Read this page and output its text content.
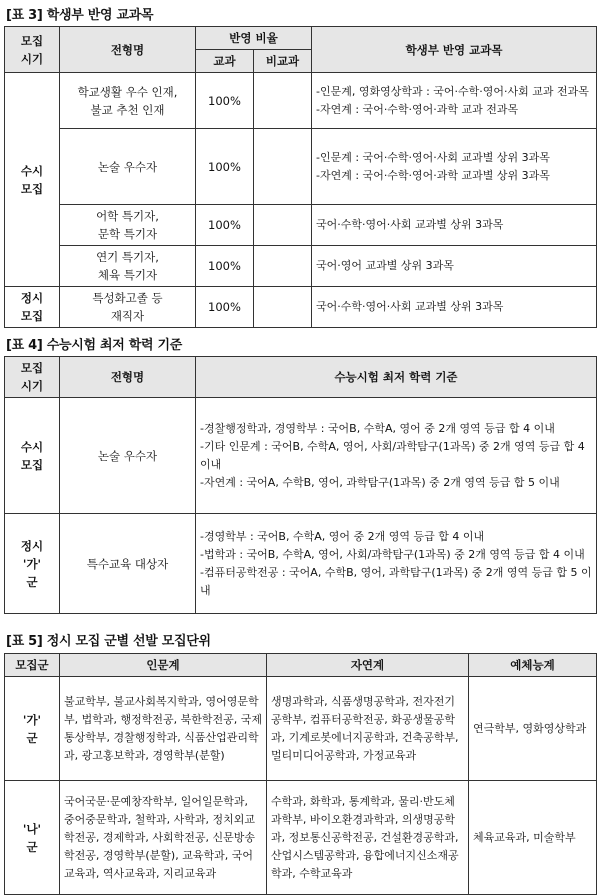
[표 3] 학생부 반영 교과목
모집
시기	전형명	반영 비율		학생부 반영 교과목
		교과	비교과	
수시
모집	학교생활 우수 인재,
불교 추천 인재	100%		-인문계, 영화영상학과 : 국어·수학·영어·사회 교과 전과목
-자연계 : 국어·수학·영어·과학 교과 전과목
	논술 우수자	100%		-인문계 : 국어·수학·영어·사회 교과별 상위 3과목
-자연계 : 국어·수학·영어·과학 교과별 상위 3과목
	어학 특기자,
문학 특기자	100%		국어·수학·영어·사회 교과별 상위 3과목
	연기 특기자,
체육 특기자	100%		국어·영어 교과별 상위 3과목
정시
모집	특성화고졸 등
재직자	100%		국어·수학·영어·사회 교과별 상위 3과목
[표 4] 수능시험 최저 학력 기준
모집
시기	전형명	수능시험 최저 학력 기준
수시
모집	논술 우수자	-경찰행정학과, 경영학부 : 국어B, 수학A, 영어 중 2개 영역 등급 합 4 이내
-기타 인문계 : 국어B, 수학A, 영어, 사회/과학탐구(1과목) 중 2개 영역 등급 합 4 이내
-자연계 : 국어A, 수학B, 영어, 과학탐구(1과목) 중 2개 영역 등급 합 5 이내
정시
'가'
군	특수교육 대상자	-경영학부 : 국어B, 수학A, 영어 중 2개 영역 등급 합 4 이내
-법학과 : 국어B, 수학A, 영어, 사회/과학탐구(1과목) 중 2개 영역 등급 합 4 이내
-컴퓨터공학전공 : 국어A, 수학B, 영어, 과학탐구(1과목) 중 2개 영역 등급 합 5 이내
[표 5] 정시 모집 군별 선발 모집단위
모집군	인문계	자연계	예체능계
'가'
군	불교학부, 불교사회복지학과, 영어영문학부, 법학과, 행정학전공, 북한학전공, 국제통상학부, 경찰행정학과, 식품산업관리학과, 광고홍보학과, 경영학부(분할)	생명과학과, 식품생명공학과, 전자전기공학부, 컴퓨터공학전공, 화공생물공학과, 기계로봇에너지공학과, 건축공학부, 멀티미디어공학과, 가정교육과	연극학부, 영화영상학과
'나'
군	국어국문·문예창작학부, 일어일문학과, 중어중문학과, 철학과, 사학과, 정치외교학전공, 경제학과, 사회학전공, 신문방송학전공, 경영학부(분할), 교육학과, 국어교육과, 역사교육과, 지리교육과	수학과, 화학과, 통계학과, 물리·반도체과학부, 바이오환경과학과, 의생명공학과, 정보통신공학전공, 건설환경공학과, 산업시스템공학과, 융합에너지신소재공학과, 수학교육과	체육교육과, 미술학부
